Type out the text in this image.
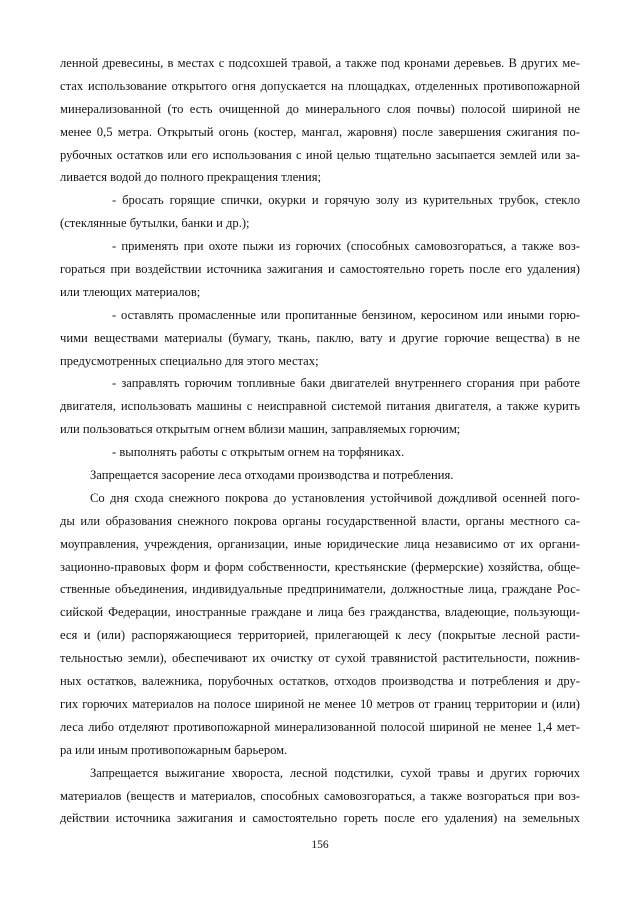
ленной древесины, в местах с подсохшей травой, а также под кронами деревьев. В других ме-
стах использование открытого огня допускается на площадках, отделенных противопожарной
минерализованной (то есть очищенной до минерального слоя почвы) полосой шириной не
менее 0,5 метра. Открытый огонь (костер, мангал, жаровня) после завершения сжигания по-
рубочных остатков или его использования с иной целью тщательно засыпается землей или за-
ливается водой до полного прекращения тления;
- бросать горящие спички, окурки и горячую золу из курительных трубок, стекло
(стеклянные бутылки, банки и др.);
- применять при охоте пыжи из горючих (способных самовозгораться, а также воз-
гораться при воздействии источника зажигания и самостоятельно гореть после его удаления)
или тлеющих материалов;
- оставлять промасленные или пропитанные бензином, керосином или иными горю-
чими веществами материалы (бумагу, ткань, паклю, вату и другие горючие вещества) в не
предусмотренных специально для этого местах;
- заправлять горючим топливные баки двигателей внутреннего сгорания при работе
двигателя, использовать машины с неисправной системой питания двигателя, а также курить
или пользоваться открытым огнем вблизи машин, заправляемых горючим;
- выполнять работы с открытым огнем на торфяниках.
Запрещается засорение леса отходами производства и потребления.
Со дня схода снежного покрова до установления устойчивой дождливой осенней пого-
ды или образования снежного покрова органы государственной власти, органы местного са-
моуправления, учреждения, организации, иные юридические лица независимо от их органи-
зационно-правовых форм и форм собственности, крестьянские (фермерские) хозяйства, обще-
ственные объединения, индивидуальные предприниматели, должностные лица, граждане Рос-
сийской Федерации, иностранные граждане и лица без гражданства, владеющие, пользующи-
еся и (или) распоряжающиеся территорией, прилегающей к лесу (покрытые лесной расти-
тельностью земли), обеспечивают их очистку от сухой травянистой растительности, пожнив-
ных остатков, валежника, порубочных остатков, отходов производства и потребления и дру-
гих горючих материалов на полосе шириной не менее 10 метров от границ территории и (или)
леса либо отделяют противопожарной минерализованной полосой шириной не менее 1,4 мет-
ра или иным противопожарным барьером.
Запрещается выжигание хвороста, лесной подстилки, сухой травы и других горючих
материалов (веществ и материалов, способных самовозгораться, а также возгораться при воз-
действии источника зажигания и самостоятельно гореть после его удаления) на земельных
156
